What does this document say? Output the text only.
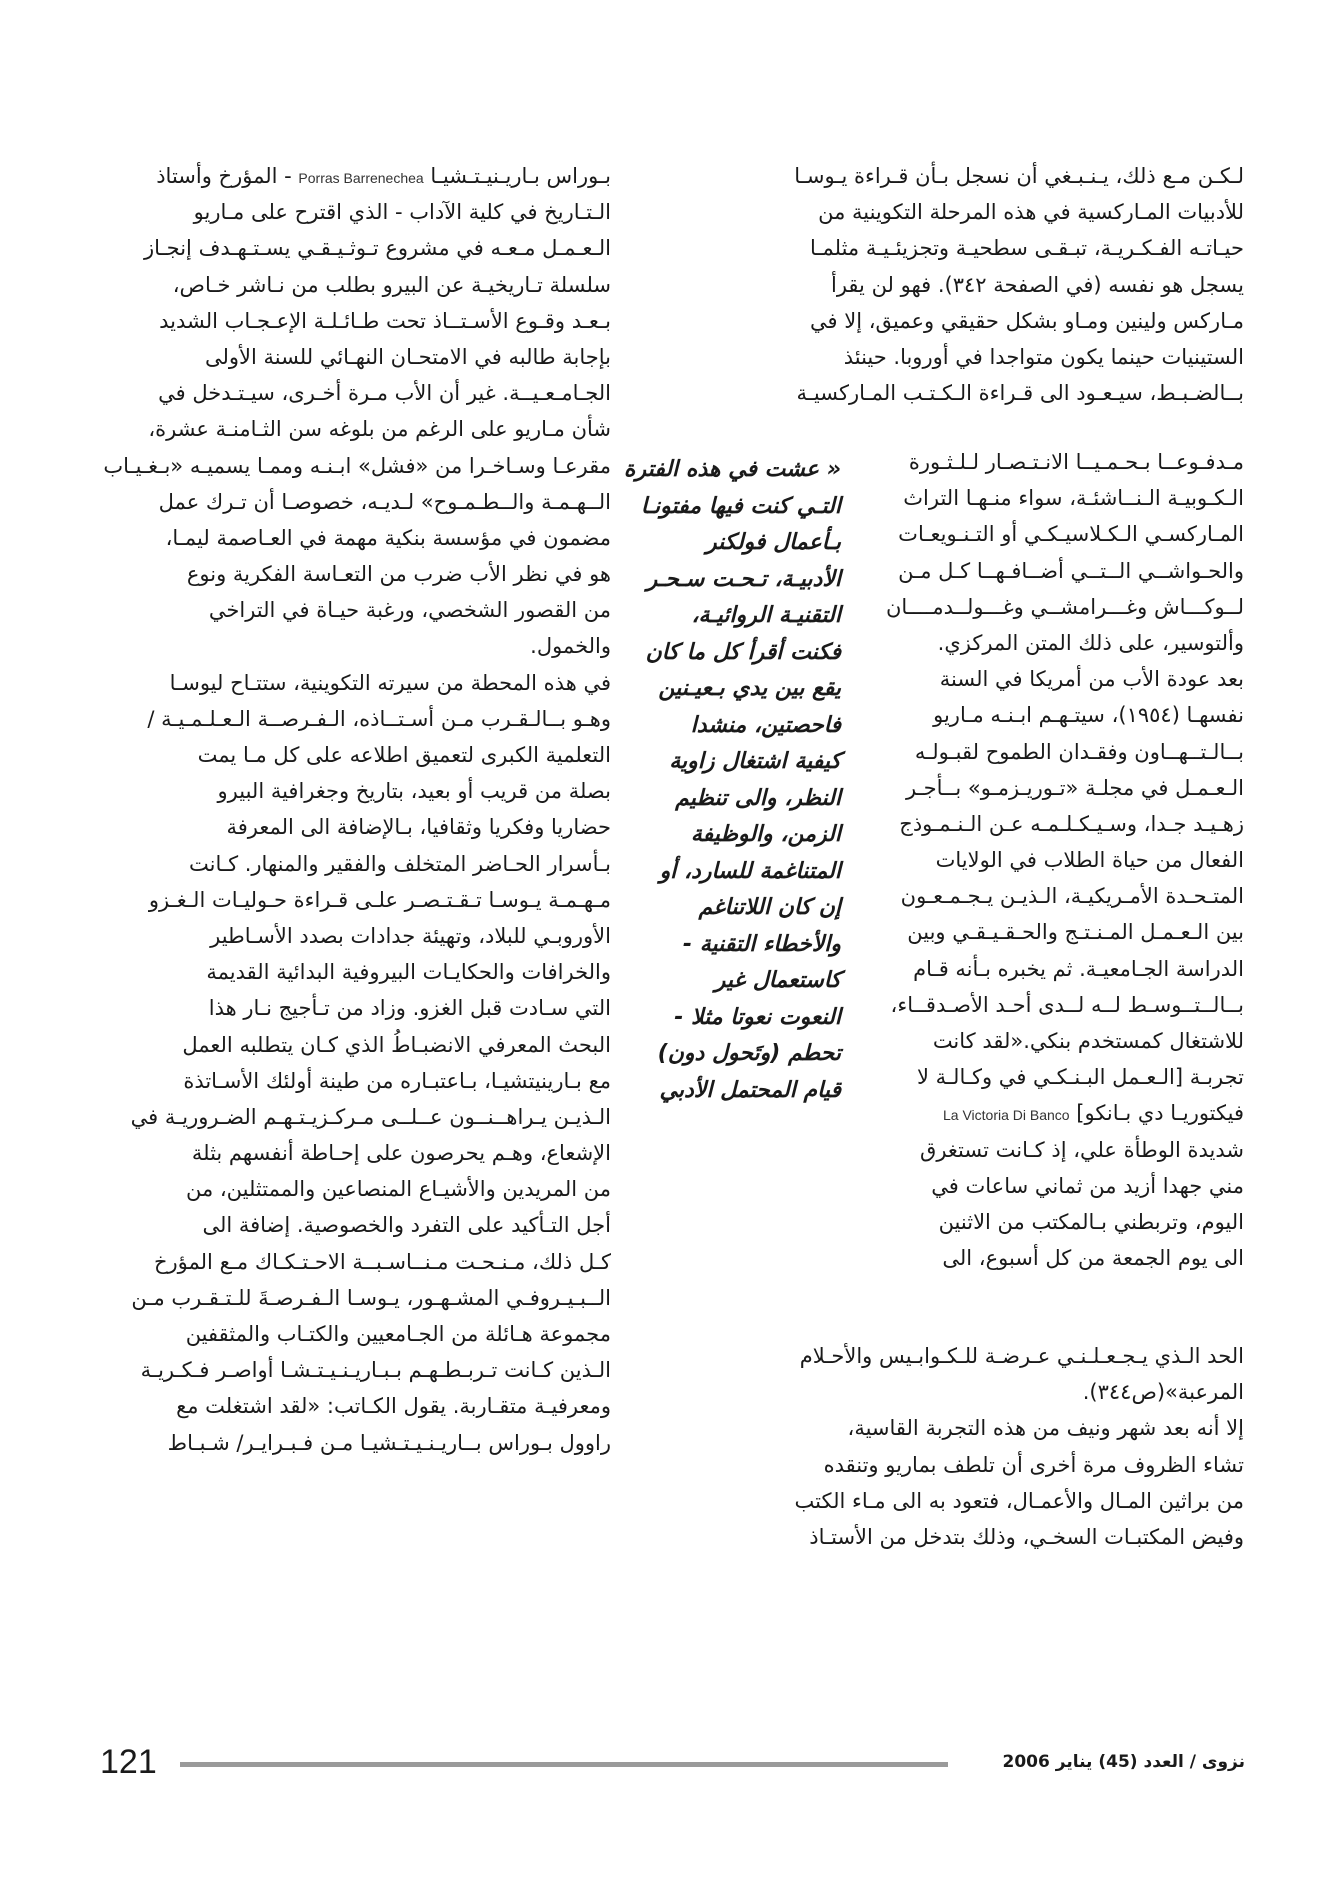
لـكـن مـع ذلك، يـنـبـغي أن نسجل بـأن قـراءة يـوسـا
للأدبيات المـاركسية في هذه المرحلة التكوينية من
حيـاتـه الفـكـريـة، تبـقـى سطحيـة وتجزيئـيـة مثلمـا
يسجل هو نفسه (في الصفحة ٣٤٢). فهو لن يقرأ
مـاركس ولينين ومـاو بشكل حقيقي وعميق، إلا في
الستينيات حينما يكون متواجدا في أوروبا. حينئذ
بــالضـبـط، سيـعـود الى قـراءة الـكـتـب المـاركسيـة
مـدفـوعــا بـحـمـيــا الانـتـصـار لـلـثـورة
الـكـوبيـة الـنــاشئـة، سواء منـهـا التراث
المـاركسـي الـكـلاسيـكـي أو التـنـويعـات
والحـواشــي الــتــي أضــافـهــا كـل مـن
لــوكـــاش وغـــرامشــي وغـــولــدمــــان
وألتوسير، على ذلك المتن المركزي.
بعد عودة الأب من أمريكا في السنة
نفسهـا (١٩٥٤)، سيتـهـم ابـنـه مـاريو
بــالـتــهــاون وفقـدان الطموح لقبـولـه
الـعـمـل في مجلـة «تـوريـزمـو» بــأجـر
زهـيـد جـدا، وسـيـكـلـمـه عـن الـنـمـوذج
الفعال من حياة الطلاب في الولايات
المتـحـدة الأمـريكيـة، الـذيـن يـجـمـعـون
بين الـعـمـل المـنـتـج والحـقـيـقـي وبين
الدراسة الجـامعيـة. ثم يخبره بـأنه قـام
بــالــتــوسـط لــه لــدى أحـد الأصـدقــاء،
للاشتغال كمستخدم بنكي.«لقد كانت
تجربـة [الـعـمل البـنـكـي في وكـالـة لا
فيكتوريـا دي بـانكو] La Victoria Di Banco
شديدة الوطأة علي، إذ كـانت تستغرق
مني جهدا أزيد من ثماني ساعات في
اليوم، وتربطني بـالمكتب من الاثنين
الى يوم الجمعة من كل أسبوع، الى
الحد الـذي يـجـعـلـنـي عـرضـة للـكـوابـيس والأحـلام
المرعبة»(ص٣٤٤).
إلا أنه بعد شهر ونيف من هذه التجربة القاسية،
تشاء الظروف مرة أخرى أن تلطف بماريو وتنقده
من براثين المـال والأعمـال، فتعود به الى مـاء الكتب
وفيض المكتبـات السخـي، وذلك بتدخل من الأستـاذ
« عشت في هذه الفترة
التـي كنت فيها مفتونـا
بـأعمال فولكنر
الأدبيـة، تـحـت سـحـر
التقنيـة الروائيـة،
فكنت أقرأ كل ما كان
يقع بين يدي بـعيـنين
فاحصتين، منشدا
كيفية اشتغال زاوية
النظر، والى تنظيم
الزمن، والوظيفة
المتناغمة للسارد، أو
إن كان اللاتناغم
والأخطاء التقنية -
كاستعمال غير
النعوت نعوتا مثلا -
تحطم (وتَحول دون)
قيام المحتمل الأدبي
بـوراس بـاريـنيـتـشيـا Porras Barrenechea - المؤرخ وأستاذ
الـتـاريخ في كلية الآداب - الذي اقترح على مـاريو
الـعـمـل مـعـه في مشروع تـوثـيـقـي يسـتـهـدف إنجـاز
سلسلة تـاريخيـة عن البيرو بطلب من نـاشر خـاص،
بـعـد وقـوع الأسـتــاذ تحت طـائـلـة الإعـجـاب الشديد
بإجابة طالبه في الامتحـان النهـائي للسنة الأولى
الجـامـعـيــة. غير أن الأب مـرة أخـرى، سيـتـدخل في
شأن مـاريو على الرغم من بلوغه سن الثـامنـة عشرة،
مقرعـا وسـاخـرا من «فشل» ابـنـه وممـا يسميـه «بـغـيـاب
الــهـمـة والــطـمـوح» لـديـه، خصوصـا أن تـرك عمل
مضمون في مؤسسة بنكية مهمة في العـاصمة ليمـا،
هو في نظر الأب ضرب من التعـاسة الفكرية ونوع
من القصور الشخصي، ورغبة حيـاة في التراخي
والخمول.
في هذه المحطة من سيرته التكوينية، ستتـاح ليوسـا
وهـو بــالـقـرب مـن أسـتــاذه، الـفـرصــة الـعـلـمـيـة /
التعلمية الكبرى لتعميق اطلاعه على كل مـا يمت
بصلة من قريب أو بعيد، بتاريخ وجغرافية البيرو
حضاريا وفكريا وثقافيا، بـالإضافة الى المعرفة
بـأسرار الحـاضر المتخلف والفقير والمنهار. كـانت
مـهـمـة يـوسـا تـقـتـصـر علـى قـراءة حـوليـات الـغـزو
الأوروبـي للبلاد، وتهيئة جدادات بصدد الأسـاطير
والخرافات والحكايـات البيروفية البدائية القديمة
التي سـادت قبل الغزو. وزاد من تـأجيج نـار هذا
البحث المعرفي الانضبـاطُ الذي كـان يتطلبه العمل
مع بـارينيتشيـا، بـاعتبـاره من طينة أولئك الأسـاتذة
الـذيـن يـراهــنــون عــلــى مـركـزيـتـهـم الضـروريـة في
الإشعاع، وهـم يحرصون على إحـاطة أنفسهم بثلة
من المريدين والأشيـاع المنصاعين والممتثلين، من
أجل التـأكيد على التفرد والخصوصية. إضافة الى
كـل ذلك، مـنـحـت مـنــاسـبــة الاحـتـكـاك مـع المؤرخ
الــبـيـروفـي المشـهـور، يـوسـا الـفـرصـةَ للـتـقـرب مـن
مجموعة هـائلة من الجـامعيين والكتـاب والمثقفين
الـذين كـانت تـربـطـهـم بـبـاريـنـيـتـشـا أواصـر فـكـريـة
ومعرفيـة متقـاربة. يقول الكـاتب: «لقد اشتغلت مع
راوول بـوراس بــاريـنـيـتـشيـا مـن فـبـرايـر/ شـبـاط
121	نزوى / العدد (45) يناير 2006
